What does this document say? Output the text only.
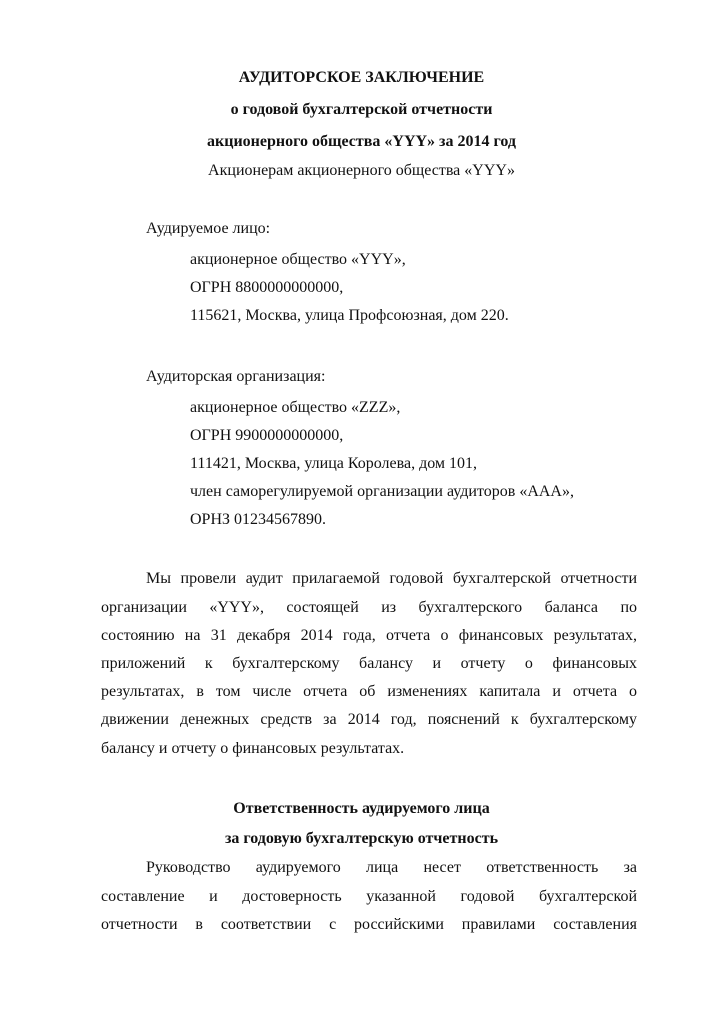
АУДИТОРСКОЕ ЗАКЛЮЧЕНИЕ
о годовой бухгалтерской отчетности
акционерного общества «YYY» за 2014 год
Акционерам акционерного общества «YYY»
Аудируемое лицо:
акционерное общество «YYY»,
ОГРН 8800000000000,
115621, Москва, улица Профсоюзная, дом 220.
Аудиторская организация:
акционерное общество «ZZZ»,
ОГРН 9900000000000,
111421, Москва, улица Королева, дом 101,
член саморегулируемой организации аудиторов «AAA»,
ОРНЗ 01234567890.
Мы провели аудит прилагаемой годовой бухгалтерской отчетности
организации «YYY», состоящей из бухгалтерского баланса по
состоянию на 31 декабря 2014 года, отчета о финансовых результатах,
приложений к бухгалтерскому балансу и отчету о финансовых
результатах, в том числе отчета об изменениях капитала и отчета о
движении денежных средств за 2014 год, пояснений к бухгалтерскому
балансу и отчету о финансовых результатах.
Ответственность аудируемого лица
за годовую бухгалтерскую отчетность
Руководство аудируемого лица несет ответственность за
составление и достоверность указанной годовой бухгалтерской
отчетности в соответствии с российскими правилами составления
